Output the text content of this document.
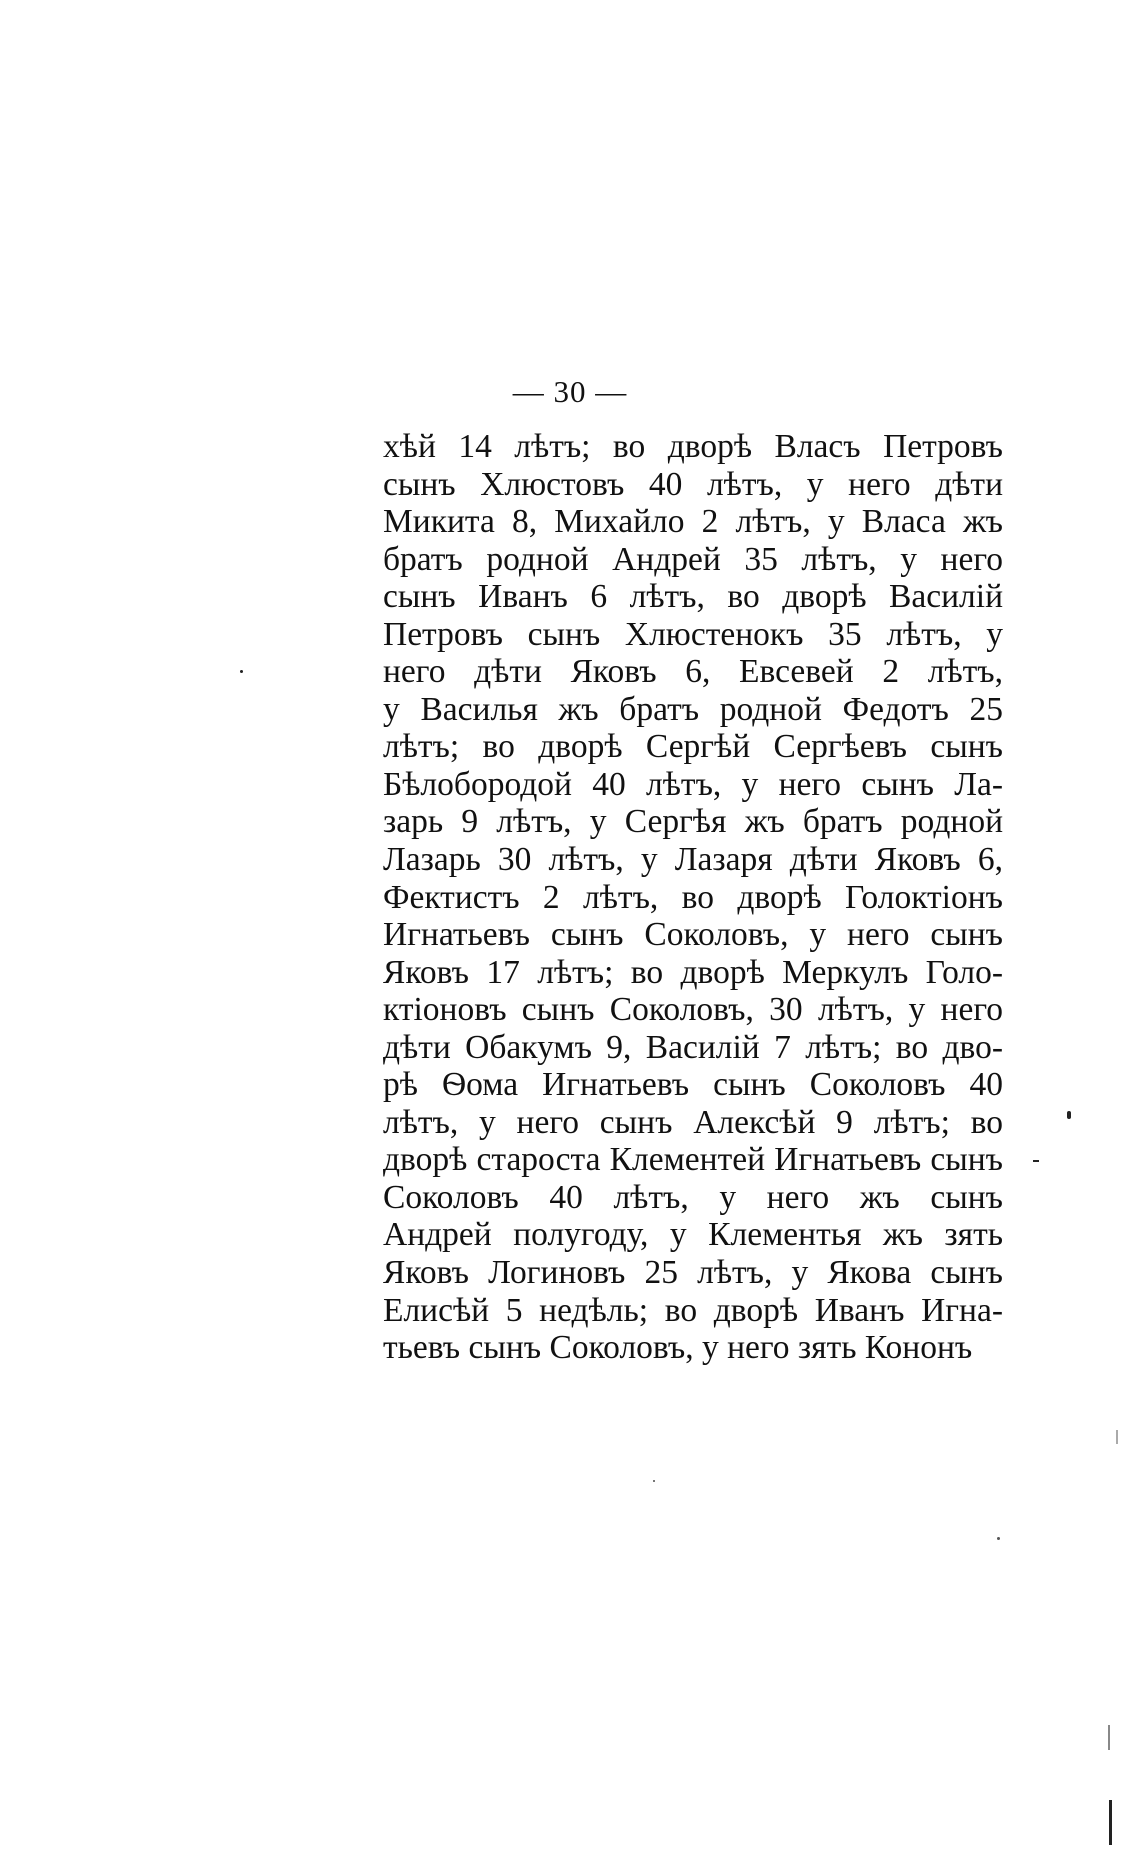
— 30 —
хѣй 14 лѣтъ; во дворѣ Власъ Петровъ
сынъ Хлюстовъ 40 лѣтъ, у него дѣти
Микита 8, Михайло 2 лѣтъ, у Власа жъ
братъ родной Андрей 35 лѣтъ, у него
сынъ Иванъ 6 лѣтъ, во дворѣ Василій
Петровъ сынъ Хлюстенокъ 35 лѣтъ, у
него дѣти Яковъ 6, Евсевей 2 лѣтъ,
у Василья жъ братъ родной Федотъ 25
лѣтъ; во дворѣ Сергѣй Сергѣевъ сынъ
Бѣлобородой 40 лѣтъ, у него сынъ Ла-
зарь 9 лѣтъ, у Сергѣя жъ братъ родной
Лазарь 30 лѣтъ, у Лазаря дѣти Яковъ 6,
Фектистъ 2 лѣтъ, во дворѣ Голоктіонъ
Игнатьевъ сынъ Соколовъ, у него сынъ
Яковъ 17 лѣтъ; во дворѣ Меркулъ Голо-
ктіоновъ сынъ Соколовъ, 30 лѣтъ, у него
дѣти Обакумъ 9, Василій 7 лѣтъ; во дво-
рѣ Ѳома Игнатьевъ сынъ Соколовъ 40
лѣтъ, у него сынъ Алексѣй 9 лѣтъ; во
дворѣ староста Клементей Игнатьевъ сынъ
Соколовъ 40 лѣтъ, у него жъ сынъ
Андрей полугоду, у Клементья жъ зять
Яковъ Логиновъ 25 лѣтъ, у Якова сынъ
Елисѣй 5 недѣль; во дворѣ Иванъ Игна-
тьевъ сынъ Соколовъ, у него зять Кононъ
